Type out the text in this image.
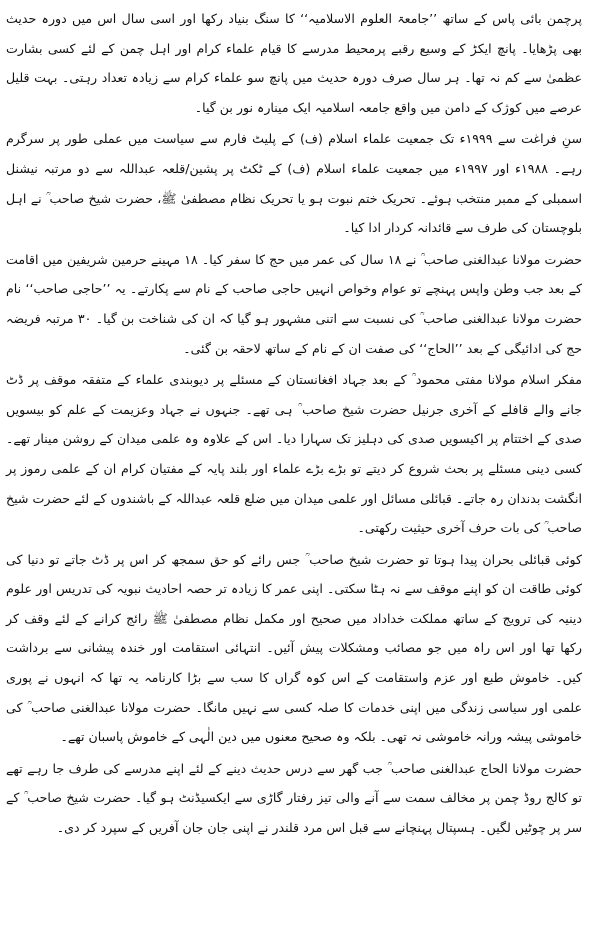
پرچمن بائی پاس کے ساتھ ’’جامعۃ العلوم الاسلامیہ‘‘ کا سنگ بنیاد رکھا اور اسی سال اس میں دورہ حدیث بھی پڑھایا۔ پانچ ایکڑ کے وسیع رقبے پرمحیط مدرسے کا قیام علماء کرام اور اہل چمن کے لئے کسی بشارت عظمیٰ سے کم نہ تھا۔ ہر سال صرف دورہ حدیث میں پانچ سو علماء کرام سے زیادہ تعداد رہتی۔ بہت قلیل عرصے میں کوژک کے دامن میں واقع جامعہ اسلامیہ ایک مینارہ نور بن گیا۔

سنِ فراغت سے ۱۹۹۹ء تک جمعیت علماء اسلام (ف) کے پلیٹ فارم سے سیاست میں عملی طور پر سرگرم رہے۔ ۱۹۸۸ء اور ۱۹۹۷ء میں جمعیت علماء اسلام (ف) کے ٹکٹ پر پشین/قلعہ عبداللہ سے دو مرتبہ نیشنل اسمبلی کے ممبر منتخب ہوئے۔ تحریک ختم نبوت ہو یا تحریک نظام مصطفیٰ ﷺ، حضرت شیخ صاحب ؒ نے اہل بلوچستان کی طرف سے قائدانہ کردار ادا کیا۔

حضرت مولانا عبدالغنی صاحب ؒ نے ۱۸ سال کی عمر میں حج کا سفر کیا۔ ۱۸ مہینے حرمین شریفین میں اقامت کے بعد جب وطن واپس پہنچے تو عوام وخواص انہیں حاجی صاحب کے نام سے پکارتے۔ یہ ’’حاجی صاحب‘‘ نام حضرت مولانا عبدالغنی صاحب ؒ کی نسبت سے اتنی مشہور ہو گیا کہ ان کی شناخت بن گیا۔ ۳۰ مرتبہ فریضہ حج کی ادائیگی کے بعد ’’الحاج‘‘ کی صفت ان کے نام کے ساتھ لاحقہ بن گئی۔

مفکر اسلام مولانا مفتی محمود ؒ کے بعد جہاد افغانستان کے مسئلے پر دیوبندی علماء کے متفقہ موقف پر ڈٹ جانے والے قافلے کے آخری جرنیل حضرت شیخ صاحب ؒ ہی تھے۔ جنہوں نے جہاد وعزیمت کے علم کو بیسویں صدی کے اختتام پر اکیسویں صدی کی دہلیز تک سہارا دیا۔ اس کے علاوہ وہ علمی میدان کے روشن مینار تھے۔ کسی دینی مسئلے پر بحث شروع کر دیتے تو بڑے بڑے علماء اور بلند پایہ کے مفتیان کرام ان کے علمی رموز پر انگشت بدندان رہ جاتے۔ قبائلی مسائل اور علمی میدان میں ضلع قلعہ عبداللہ کے باشندوں کے لئے حضرت شیخ صاحب ؒ کی بات حرف آخری حیثیت رکھتی۔

کوئی قبائلی بحران پیدا ہوتا تو حضرت شیخ صاحب ؒ جس رائے کو حق سمجھ کر اس پر ڈٹ جاتے تو دنیا کی کوئی طاقت ان کو اپنے موقف سے نہ ہٹا سکتی۔ اپنی عمر کا زیادہ تر حصہ احادیث نبویہ کی تدریس اور علوم دینیہ کی ترویج کے ساتھ مملکت خداداد میں صحیح اور مکمل نظام مصطفیٰ ﷺ رائج کرانے کے لئے وقف کر رکھا تھا اور اس راہ میں جو مصائب ومشکلات پیش آئیں۔ انتہائی استقامت اور خندہ پیشانی سے برداشت کیں۔ خاموش طبع اور عزم واستقامت کے اس کوہ گراں کا سب سے بڑا کارنامہ یہ تھا کہ انہوں نے پوری علمی اور سیاسی زندگی میں اپنی خدمات کا صلہ کسی سے نہیں مانگا۔ حضرت مولانا عبدالغنی صاحب ؒ کی خاموشی پیشہ ورانہ خاموشی نہ تھی۔ بلکہ وہ صحیح معنوں میں دین الٰہی کے خاموش پاسبان تھے۔

حضرت مولانا الحاج عبدالغنی صاحب ؒ جب گھر سے درس حدیث دینے کے لئے اپنے مدرسے کی طرف جا رہے تھے تو کالج روڈ چمن پر مخالف سمت سے آنے والی تیز رفتار گاڑی سے ایکسیڈنٹ ہو گیا۔ حضرت شیخ صاحب ؒ کے سر پر چوٹیں لگیں۔ ہسپتال پہنچانے سے قبل اس مرد قلندر نے اپنی جان جان آفریں کے سپرد کر دی۔
